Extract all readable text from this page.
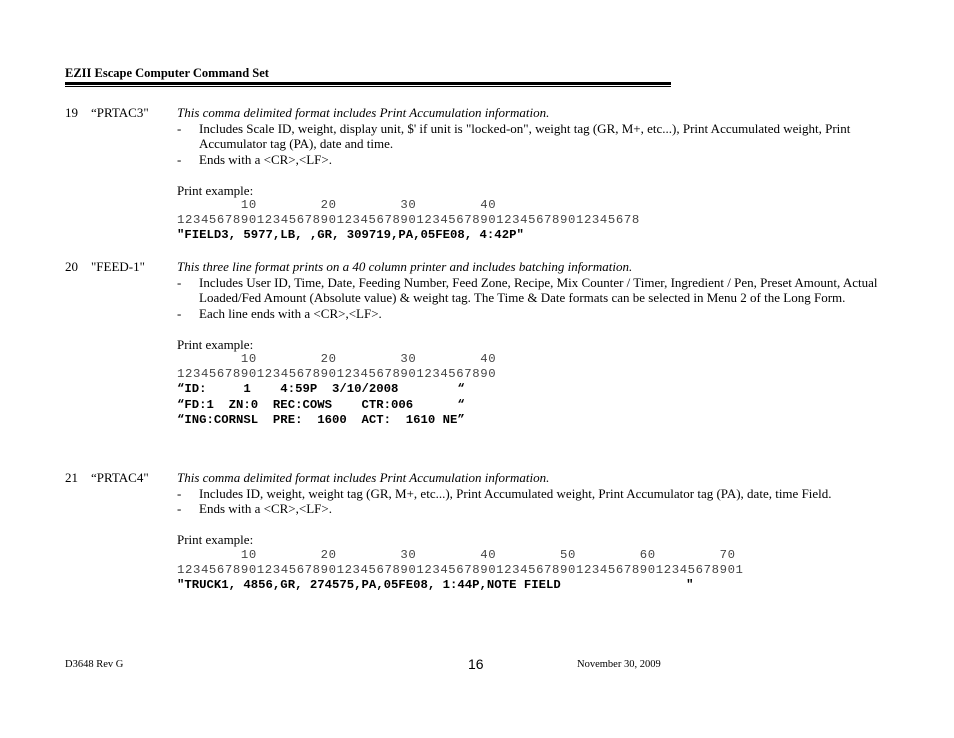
EZII Escape Computer Command Set
19 “PRTAC3" This comma delimited format includes Print Accumulation information.
- Includes Scale ID, weight, display unit, $' if unit is "locked-on", weight tag (GR, M+, etc...), Print Accumulated weight, Print Accumulator tag (PA), date and time.
- Ends with a <CR>,<LF>.
Print example:
10        20        30        40
1234567890123456789012345678901234567890123456789012345678
"FIELD3, 5977,LB, ,GR, 309719,PA,05FE08, 4:42P"
20 "FEED-1" This three line format prints on a 40 column printer and includes batching information.
- Includes User ID, Time, Date, Feeding Number, Feed Zone, Recipe, Mix Counter / Timer, Ingredient / Pen, Preset Amount, Actual Loaded/Fed Amount (Absolute value) & weight tag. The Time & Date formats can be selected in Menu 2 of the Long Form.
- Each line ends with a <CR>,<LF>.
Print example:
10        20        30        40
1234567890123456789012345678901234567890
“ID:     1    4:59P  3/10/2008        “
“FD:1  ZN:0  REC:COWS    CTR:006      “
“ING:CORNSL  PRE:  1600  ACT:  1610 NE”
21 “PRTAC4" This comma delimited format includes Print Accumulation information.
- Includes ID, weight, weight tag (GR, M+, etc...), Print Accumulated weight, Print Accumulator tag (PA), date, time Field.
- Ends with a <CR>,<LF>.
Print example:
10        20        30        40        50        60        70
12345678901234567890123456789012345678901234567890123456789012345678901
"TRUCK1, 4856,GR, 274575,PA,05FE08, 1:44P,NOTE FIELD                 "
D3648 Rev G	16	November 30, 2009
